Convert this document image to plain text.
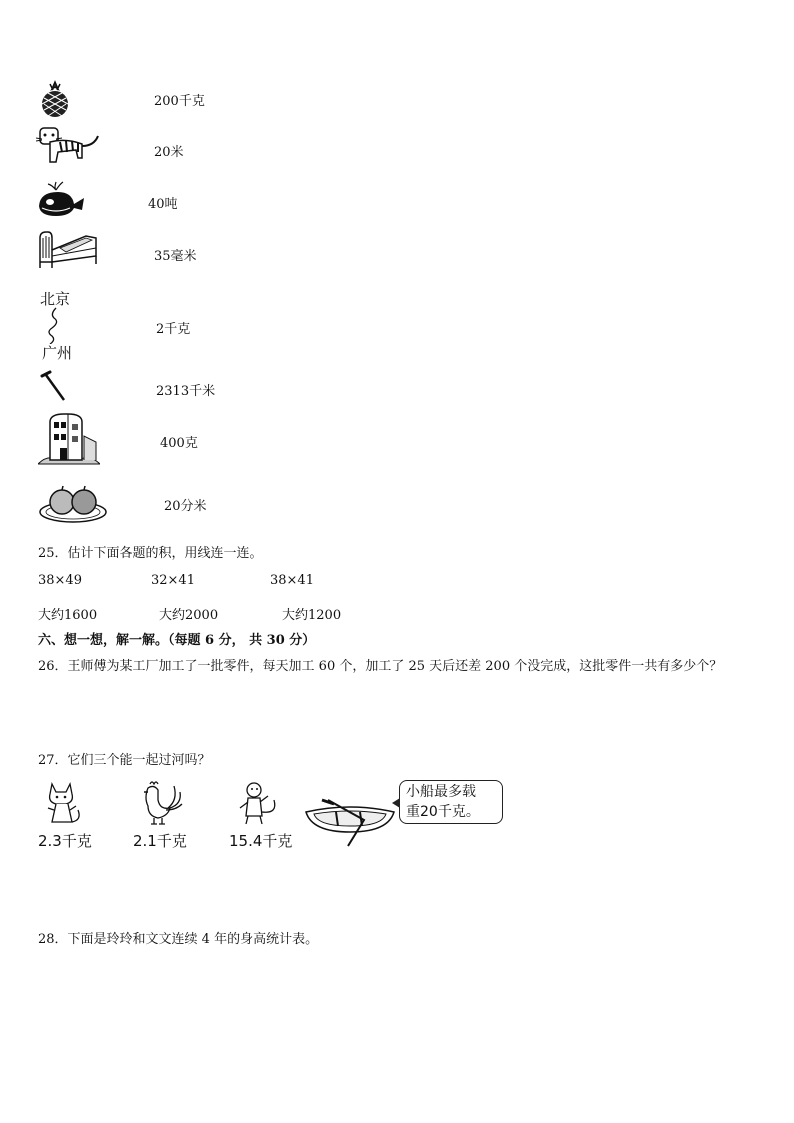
200千克
20米
40吨
35毫米
北京
广州
2千克
2313千米
400克
20分米
25．估计下面各题的积，用线连一连。
38×49	32×41	38×41
大约1600	大约2000	大约1200
六、想一想，解一解。（每题 6 分， 共 30 分）
26．王师傅为某工厂加工了一批零件，每天加工 60 个，加工了 25 天后还差 200 个没完成，这批零件一共有多少个？
27．它们三个能一起过河吗？
2.3千克	2.1千克	15.4千克
小船最多载
重20千克。
28．下面是玲玲和文文连续 4 年的身高统计表。
